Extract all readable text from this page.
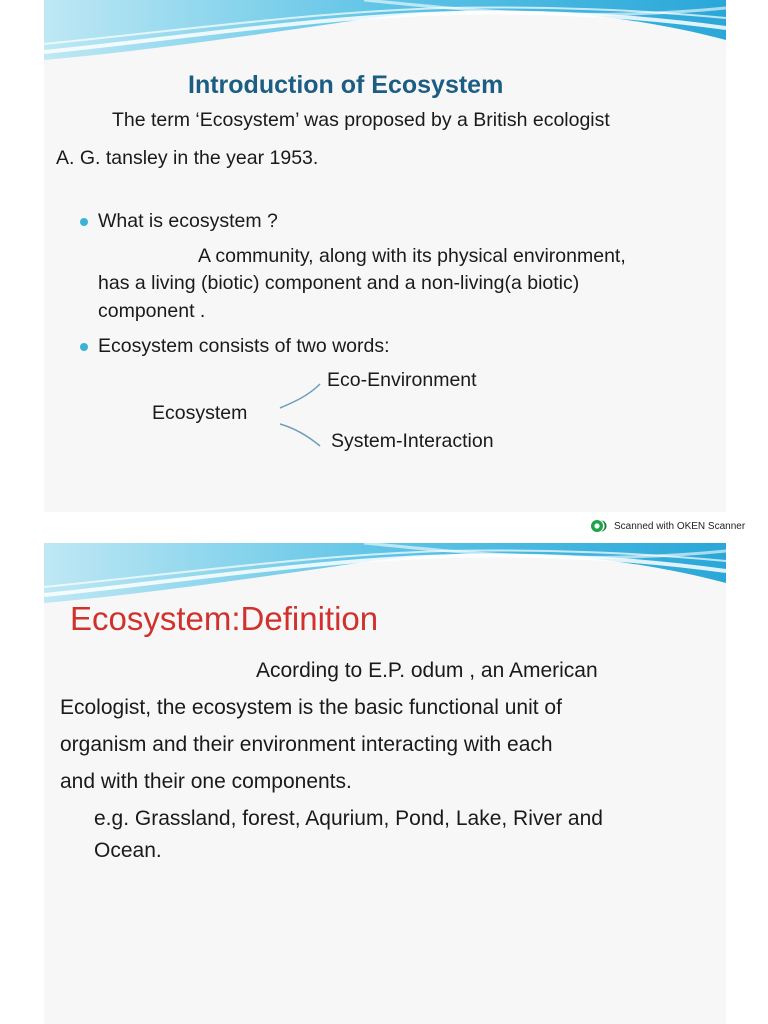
Introduction of Ecosystem

The term ‘Ecosystem’ was proposed by a British ecologist

A. G. tansley in the year 1953.

What is ecosystem ?

A community, along with its physical environment,

has a living (biotic) component and a non-living(a biotic)

component .

Ecosystem consists of two words:

Ecosystem

Eco-Environment

System-Interaction

Scanned with OKEN Scanner
Ecosystem:Definition

Acording to E.P. odum , an American

Ecologist, the ecosystem is the basic functional unit of

organism and their environment interacting with each

and with their one components.

e.g. Grassland, forest, Aqurium, Pond, Lake, River and

Ocean.
